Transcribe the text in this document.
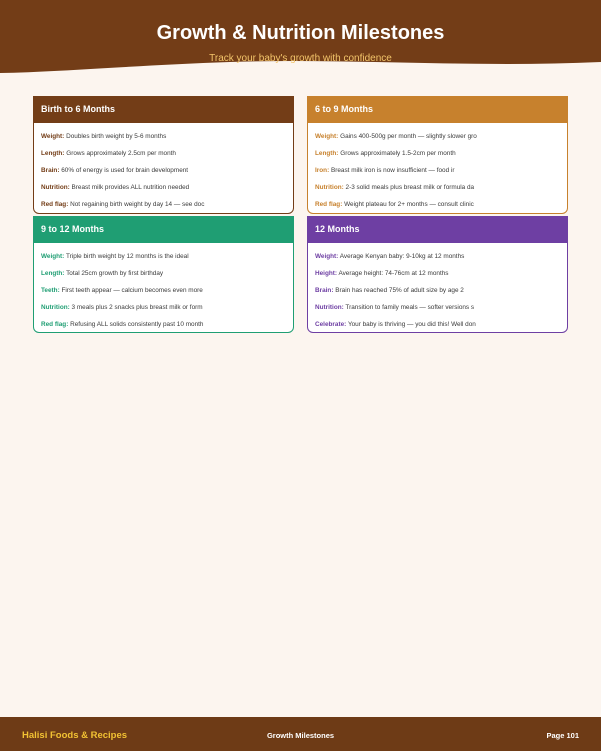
Growth & Nutrition Milestones
Track your baby's growth with confidence
Birth to 6 Months
Weight: Doubles birth weight by 5-6 months
Length: Grows approximately 2.5cm per month
Brain: 60% of energy is used for brain development
Nutrition: Breast milk provides ALL nutrition needed
Red flag: Not regaining birth weight by day 14 — see doc
6 to 9 Months
Weight: Gains 400-500g per month — slightly slower gro
Length: Grows approximately 1.5-2cm per month
Iron: Breast milk iron is now insufficient — food ir
Nutrition: 2-3 solid meals plus breast milk or formula da
Red flag: Weight plateau for 2+ months — consult clinic
9 to 12 Months
Weight: Triple birth weight by 12 months is the ideal
Length: Total 25cm growth by first birthday
Teeth: First teeth appear — calcium becomes even more
Nutrition: 3 meals plus 2 snacks plus breast milk or form
Red flag: Refusing ALL solids consistently past 10 month
12 Months
Weight: Average Kenyan baby: 9-10kg at 12 months
Height: Average height: 74-76cm at 12 months
Brain: Brain has reached 75% of adult size by age 2
Nutrition: Transition to family meals — softer versions s
Celebrate: Your baby is thriving — you did this! Well don
Halisi Foods & Recipes	Growth Milestones	Page 101
